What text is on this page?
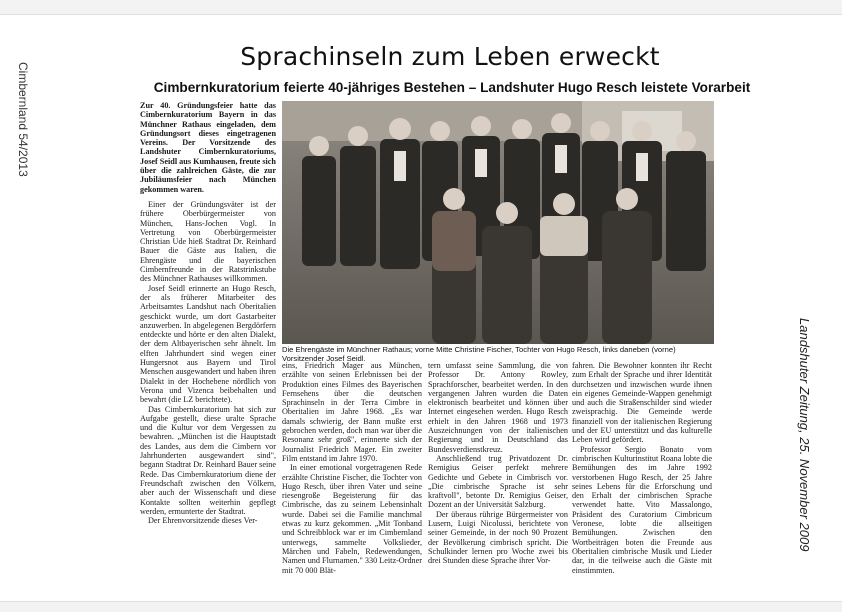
Cimbernland 54/2013
Landshuter Zeitung, 25. November 2009
Sprachinseln zum Leben erweckt
Cimbernkuratorium feierte 40-jähriges Bestehen – Landshuter Hugo Resch leistete Vorarbeit

Zur 40. Gründungsfeier hatte das Cimbernkuratorium Bayern in das Münchner Rathaus eingeladen, dem Gründungsort dieses eingetragenen Vereins. Der Vorsitzende des Landshuter Cimbernkuratoriums, Josef Seidl aus Kumhausen, freute sich über die zahlreichen Gäste, die zur Jubiläumsfeier nach München gekommen waren.

Einer der Gründungsväter ist der frühere Oberbürgermeister von München, Hans-Jochen Vogl. In Vertretung von Oberbürgermeister Christian Ude hieß Stadtrat Dr. Reinhard Bauer die Gäste aus Italien, die Ehrengäste und die bayerischen Cimbernfreunde in der Ratstrinkstube des Münchner Rathauses willkommen.

Josef Seidl erinnerte an Hugo Resch, der als früherer Mitarbeiter des Arbeitsamtes Landshut nach Oberitalien geschickt wurde, um dort Gastarbeiter anzuwerben. In abgelegenen Bergdörfern entdeckte und hörte er den alten Dialekt, der dem Altbayerischen sehr ähnelt. Im elften Jahrhundert sind wegen einer Hungersnot aus Bayern und Tirol Menschen ausgewandert und haben ihren Dialekt in der Hochebene nördlich von Verona und Vizenca beibehalten und bewahrt (die LZ berichtete).

Das Cimbernkuratorium hat sich zur Aufgabe gestellt, diese uralte Sprache und die Kultur vor dem Vergessen zu bewahren. „München ist die Hauptstadt des Landes, aus dem die Cimbern vor Jahrhunderten ausgewandert sind", begann Stadtrat Dr. Reinhard Bauer seine Rede. Das Cimbernkuratorium diene der Freundschaft zwischen den Völkern, aber auch der Wissenschaft und diese Kontakte sollten weiterhin gepflegt werden, ermunterte der Stadtrat.

Der Ehrenvorsitzende dieses Ver-

Die Ehrengäste im Münchner Rathaus; vorne Mitte Christine Fischer, Tochter von Hugo Resch, links daneben (vorne) Vorsitzender Josef Seidl.

eins, Friedrich Mager aus München, erzählte von seinen Erlebnissen bei der Produktion eines Filmes des Bayerischen Fernsehens über die deutschen Sprachinseln in der Terra Cimbre in Oberitalien im Jahre 1968. „Es war damals schwierig, der Bann mußte erst gebrochen werden, doch man war über die Resonanz sehr groß", erinnerte sich der Journalist Friedrich Mager. Ein zweiter Film entstand im Jahre 1970.

In einer emotional vorgetragenen Rede erzählte Christine Fischer, die Tochter von Hugo Resch, über ihren Vater und seine riesengroße Begeisterung für das Cimbrische, das zu seinem Lebensinhalt wurde. Dabei sei die Familie manchmal etwas zu kurz gekommen. „Mit Tonband und Schreibblock war er im Cimbernland unterwegs, sammelte Volkslieder, Märchen und Fabeln, Redewendungen, Namen und Flurnamen." 330 Leitz-Ordner mit 70 000 Blät-

tern umfasst seine Sammlung, die von Professor Dr. Antony Rowley, Sprachforscher, bearbeitet werden. In den vergangenen Jahren wurden die Daten elektronisch bearbeitet und können über Internet eingesehen werden. Hugo Resch erhielt in den Jahren 1968 und 1973 Auszeichnungen von der italienischen Regierung und in Deutschland das Bundesverdienstkreuz.

Anschließend trug Privatdozent Dr. Remigius Geiser perfekt mehrere Gedichte und Gebete in Cimbrisch vor. „Die cimbrische Sprache ist sehr kraftvoll", betonte Dr. Remigius Geiser, Dozent an der Universität Salzburg.

Der überaus rührige Bürgermeister von Lusern, Luigi Nicolussi, berichtete von seiner Gemeinde, in der noch 90 Prozent der Bevölkerung cimbrisch spricht. Die Schulkinder lernen pro Woche zwei bis drei Stunden diese Sprache ihrer Vor-

fahren. Die Bewohner konnten ihr Recht zum Erhalt der Sprache und ihrer Identität durchsetzen und inzwischen wurde ihnen ein eigenes Gemeinde-Wappen genehmigt und auch die Straßenschilder sind wieder zweisprachig. Die Gemeinde werde finanziell von der italienischen Regierung und der EU unterstützt und das kulturelle Leben wird gefördert.

Professor Sergio Bonato vom cimbrischen Kulturinstitut Roana lobte die Bemühungen des im Jahre 1992 verstorbenen Hugo Resch, der 25 Jahre seines Lebens für die Erforschung und den Erhalt der cimbrischen Sprache verwendet hatte. Vito Massalongo, Präsident des Curatorium Cimbricum Veronese, lobte die allseitigen Bemühungen. Zwischen den Wortbeiträgen boten die Freunde aus Oberitalien cimbrische Musik und Lieder dar, in die teilweise auch die Gäste mit einstimmten.
